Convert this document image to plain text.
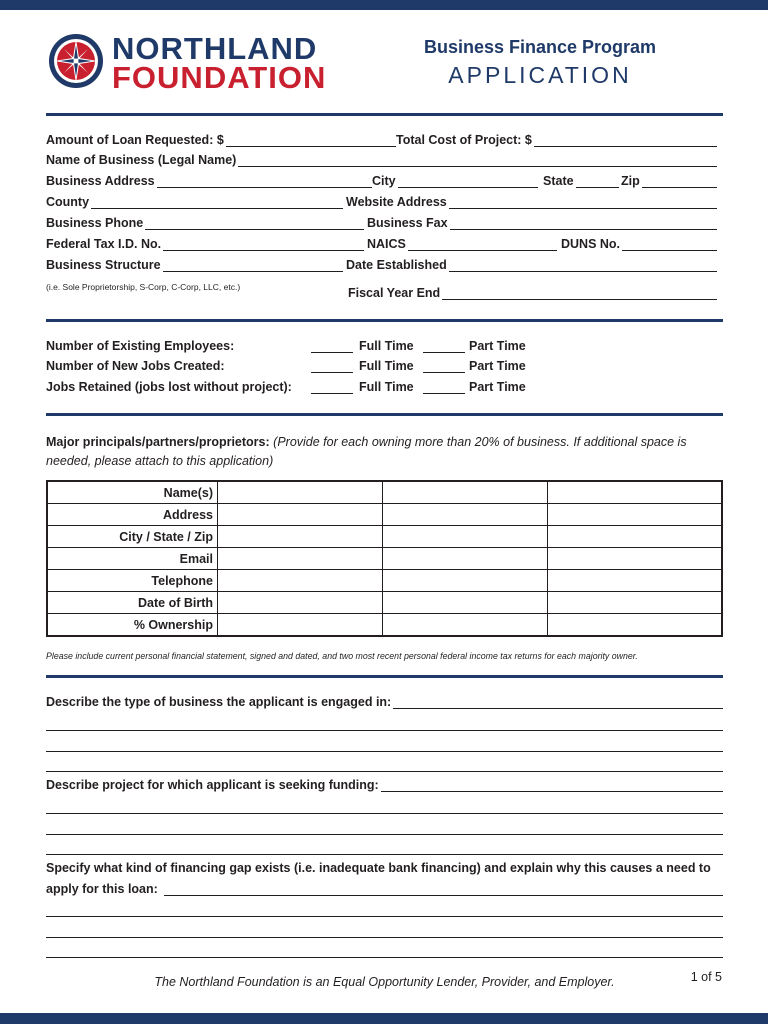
NORTHLAND
FOUNDATION
Business Finance Program
APPLICATION
Amount of Loan Requested: $	Total Cost of Project: $
Name of Business (Legal Name)
Business Address	City	State	Zip
County	Website Address
Business Phone	Business Fax
Federal Tax I.D. No.	NAICS	DUNS No.
Business Structure	Date Established
(i.e. Sole Proprietorship, S-Corp, C-Corp, LLC, etc.)	Fiscal Year End
Number of Existing Employees:	Full Time	Part Time
Number of New Jobs Created:	Full Time	Part Time
Jobs Retained (jobs lost without project):	Full Time	Part Time
Major principals/partners/proprietors: (Provide for each owning more than 20% of business. If additional space is needed, please attach to this application)
Name(s)			
Address			
City / State / Zip			
Email			
Telephone			
Date of Birth			
% Ownership			
Please include current personal financial statement, signed and dated, and two most recent personal federal income tax returns for each majority owner.
Describe the type of business the applicant is engaged in:
Describe project for which applicant is seeking funding:
Specify what kind of financing gap exists (i.e. inadequate bank financing) and explain why this causes a need to
apply for this loan:
The Northland Foundation is an Equal Opportunity Lender, Provider, and Employer.	1 of 5
